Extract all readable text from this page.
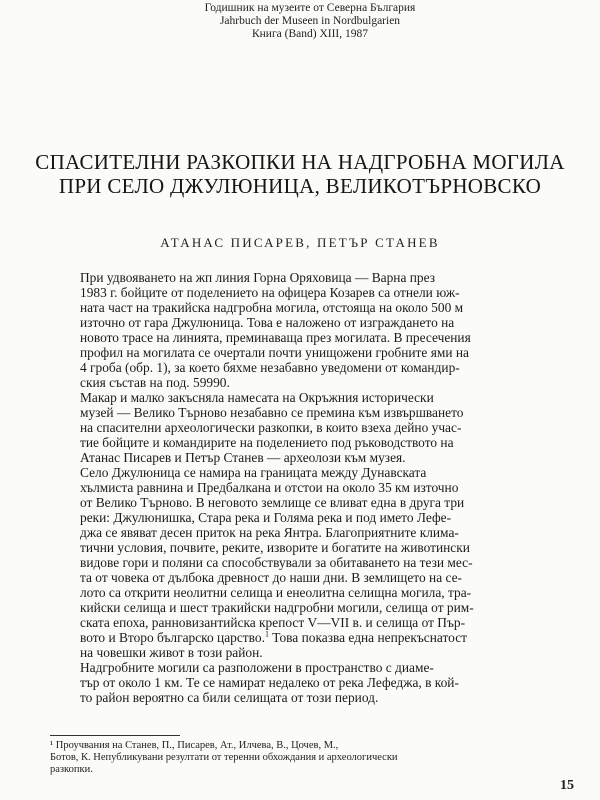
Годишник на музеите от Северна България
Jahrbuch der Museen in Nordbulgarien
Книга (Band) XIII, 1987
СПАСИТЕЛНИ РАЗКОПКИ НА НАДГРОБНА МОГИЛА
ПРИ СЕЛО ДЖУЛЮНИЦА, ВЕЛИКОТЪРНОВСКО
АТАНАС ПИСАРЕВ, ПЕТЪР СТАНЕВ

При удвояването на жп линия Горна Оряховица — Варна през
1983 г. бойците от поделението на офицера Козарев са отнели юж-
ната част на тракийска надгробна могила, отстояща на около 500 м
източно от гара Джулюница. Това е наложено от изграждането на
новото трасе на линията, преминаваща през могилата. В пресечения
профил на могилата се очертали почти унищожени гробните ями на
4 гроба (обр. 1), за което бяхме незабавно уведомени от командир-
ския състав на под. 59990.

Макар и малко закъсняла намесата на Окръжния исторически
музей — Велико Търново незабавно се премина към извършването
на спасителни археологически разкопки, в които взеха дейно учас-
тие бойците и командирите на поделението под ръководството на
Атанас Писарев и Петър Станев — археолози към музея.

Село Джулюница се намира на границата между Дунавската
хълмиста равнина и Предбалкана и отстои на около 35 км източно
от Велико Търново. В неговото землище се вливат една в друга три
реки: Джулюнишка, Стара река и Голяма река и под името Лефе-
джа се явяват десен приток на река Янтра. Благоприятните клима-
тични условия, почвите, реките, изворите и богатите на животински
видове гори и поляни са способствували за обитаването на тези мес-
та от човека от дълбока древност до наши дни. В землището на се-
лото са открити неолитни селища и енеолитна селищна могила, тра-
кийски селища и шест тракийски надгробни могили, селища от рим-
ската епоха, ранновизантийска крепост V—VII в. и селища от Пър-
вото и Второ българско царство.$^1$ Това показва една непрекъснатост
на човешки живот в този район.

Надгробните могили са разположени в пространство с диаме-
тър от около 1 км. Те се намират недалеко от река Лефеджа, в кой-
то район вероятно са били селищата от този период.

¹ Проучвания на Станев, П., Писарев, Ат., Илчева, В., Цочев, М.,
Ботов, К. Непубликувани резултати от теренни обхождания и археологически
разкопки.
15
